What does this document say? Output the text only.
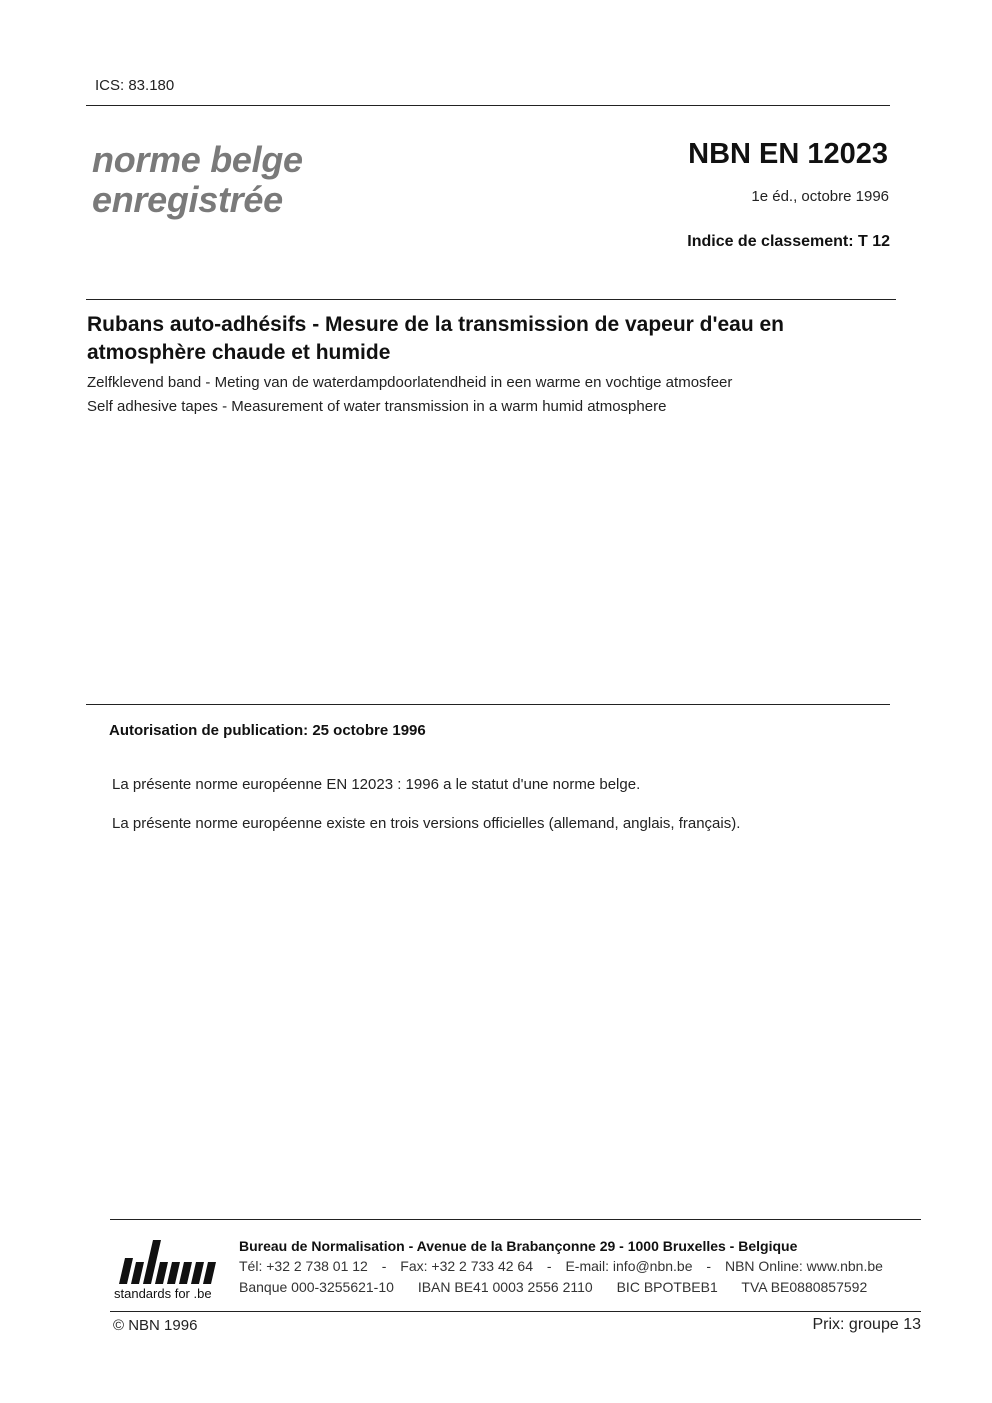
ICS: 83.180
norme belge
enregistrée
NBN EN 12023
1e éd., octobre 1996
Indice de classement: T 12
Rubans auto-adhésifs - Mesure de la transmission de vapeur d'eau en atmosphère chaude et humide
Zelfklevend band - Meting van de waterdampdoorlatendheid in een warme en vochtige atmosfeer
Self adhesive tapes - Measurement of water transmission in a warm humid atmosphere
Autorisation de publication: 25 octobre 1996
La présente norme européenne EN 12023 : 1996 a le statut d'une norme belge.
La présente norme européenne existe en trois versions officielles (allemand, anglais, français).
standards for .be
Bureau de Normalisation - Avenue de la Brabançonne 29 - 1000 Bruxelles - Belgique
Tél: +32 2 738 01 12 - Fax: +32 2 733 42 64 - E-mail: info@nbn.be - NBN Online: www.nbn.be
Banque 000-3255621-10 IBAN BE41 0003 2556 2110 BIC BPOTBEB1 TVA BE0880857592
© NBN 1996	Prix: groupe 13
